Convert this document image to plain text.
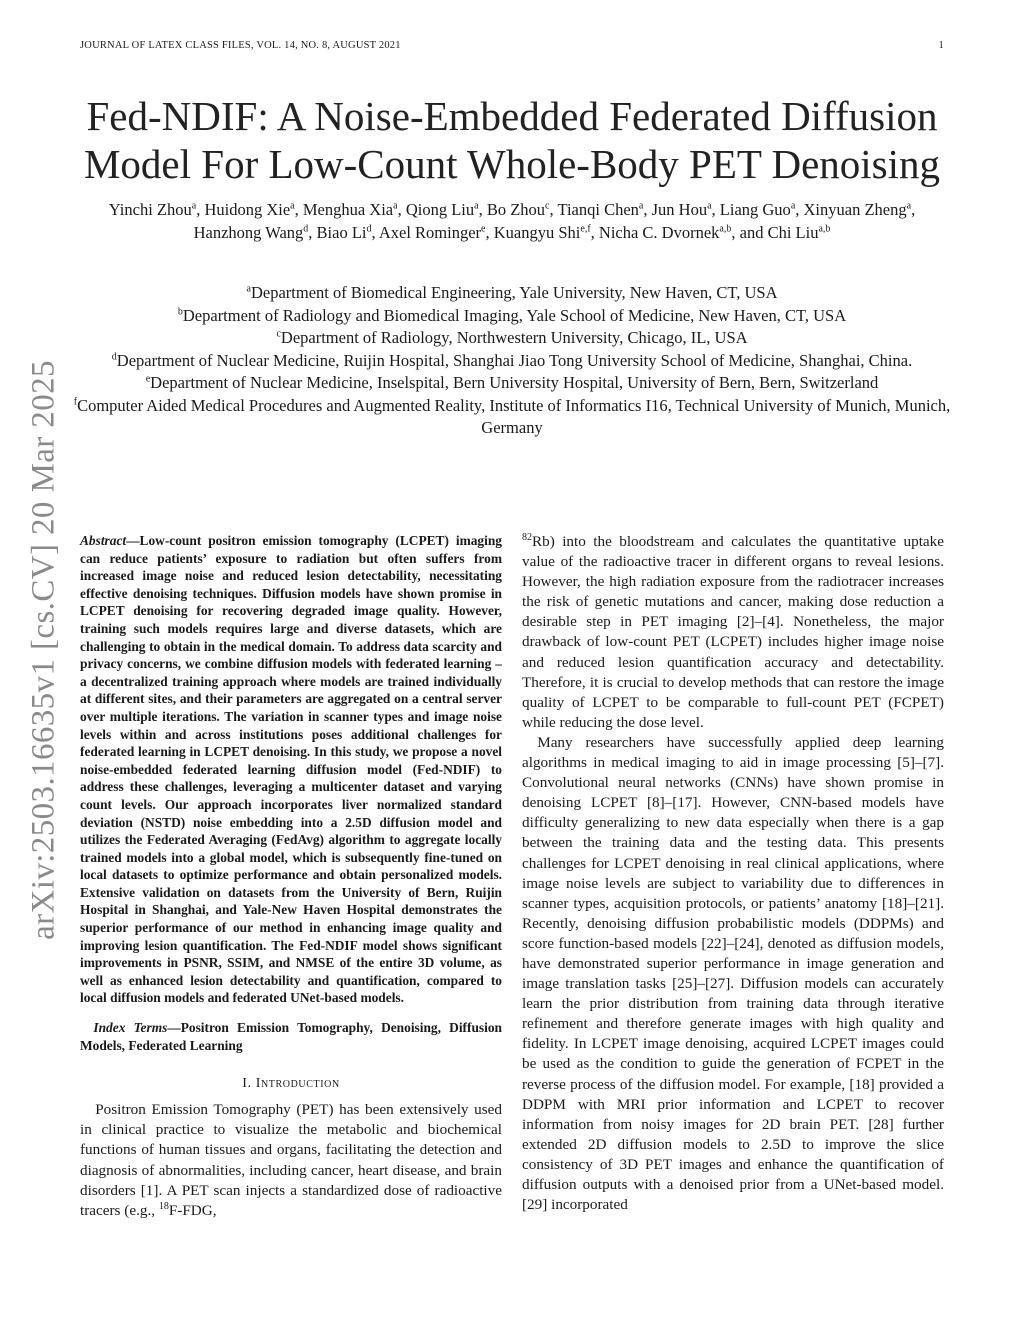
JOURNAL OF LATEX CLASS FILES, VOL. 14, NO. 8, AUGUST 2021	1
Fed-NDIF: A Noise-Embedded Federated Diffusion Model For Low-Count Whole-Body PET Denoising
Yinchi Zhou$^a$, Huidong Xie$^a$, Menghua Xia$^a$, Qiong Liu$^a$, Bo Zhou$^c$, Tianqi Chen$^a$, Jun Hou$^a$, Liang Guo$^a$, Xinyuan Zheng$^a$, Hanzhong Wang$^d$, Biao Li$^d$, Axel Rominger$^e$, Kuangyu Shi$^{e,f}$, Nicha C. Dvornek$^{a,b}$, and Chi Liu$^{a,b}$
$^a$Department of Biomedical Engineering, Yale University, New Haven, CT, USA
$^b$Department of Radiology and Biomedical Imaging, Yale School of Medicine, New Haven, CT, USA
$^c$Department of Radiology, Northwestern University, Chicago, IL, USA
$^d$Department of Nuclear Medicine, Ruijin Hospital, Shanghai Jiao Tong University School of Medicine, Shanghai, China.
$^e$Department of Nuclear Medicine, Inselspital, Bern University Hospital, University of Bern, Bern, Switzerland
$^f$Computer Aided Medical Procedures and Augmented Reality, Institute of Informatics I16, Technical University of Munich, Munich, Germany
arXiv:2503.16635v1 [cs.CV] 20 Mar 2025 Abstract—Low-count positron emission tomography (LCPET) imaging can reduce patients’ exposure to radiation but often suffers from increased image noise and reduced lesion detectability, necessitating effective denoising techniques. Diffusion models have shown promise in LCPET denoising for recovering degraded image quality. However, training such models requires large and diverse datasets, which are challenging to obtain in the medical domain. To address data scarcity and privacy concerns, we combine diffusion models with federated learning – a decentralized training approach where models are trained individually at different sites, and their parameters are aggregated on a central server over multiple iterations. The variation in scanner types and image noise levels within and across institutions poses additional challenges for federated learning in LCPET denoising. In this study, we propose a novel noise-embedded federated learning diffusion model (Fed-NDIF) to address these challenges, leveraging a multicenter dataset and varying count levels. Our approach incorporates liver normalized standard deviation (NSTD) noise embedding into a 2.5D diffusion model and utilizes the Federated Averaging (FedAvg) algorithm to aggregate locally trained models into a global model, which is subsequently fine-tuned on local datasets to optimize performance and obtain personalized models. Extensive validation on datasets from the University of Bern, Ruijin Hospital in Shanghai, and Yale-New Haven Hospital demonstrates the superior performance of our method in enhancing image quality and improving lesion quantification. The Fed-NDIF model shows significant improvements in PSNR, SSIM, and NMSE of the entire 3D volume, as well as enhanced lesion detectability and quantification, compared to local diffusion models and federated UNet-based models.
Index Terms—Positron Emission Tomography, Denoising, Diffusion Models, Federated Learning
I. Introduction

Positron Emission Tomography (PET) has been extensively used in clinical practice to visualize the metabolic and biochemical functions of human tissues and organs, facilitating the detection and diagnosis of abnormalities, including cancer, heart disease, and brain disorders [1]. A PET scan injects a standardized dose of radioactive tracers (e.g., $^{18}$F-FDG,

$^{82}$Rb) into the bloodstream and calculates the quantitative uptake value of the radioactive tracer in different organs to reveal lesions. However, the high radiation exposure from the radiotracer increases the risk of genetic mutations and cancer, making dose reduction a desirable step in PET imaging [2]–[4]. Nonetheless, the major drawback of low-count PET (LCPET) includes higher image noise and reduced lesion quantification accuracy and detectability. Therefore, it is crucial to develop methods that can restore the image quality of LCPET to be comparable to full-count PET (FCPET) while reducing the dose level.

Many researchers have successfully applied deep learning algorithms in medical imaging to aid in image processing [5]–[7]. Convolutional neural networks (CNNs) have shown promise in denoising LCPET [8]–[17]. However, CNN-based models have difficulty generalizing to new data especially when there is a gap between the training data and the testing data. This presents challenges for LCPET denoising in real clinical applications, where image noise levels are subject to variability due to differences in scanner types, acquisition protocols, or patients’ anatomy [18]–[21]. Recently, denoising diffusion probabilistic models (DDPMs) and score function-based models [22]–[24], denoted as diffusion models, have demonstrated superior performance in image generation and image translation tasks [25]–[27]. Diffusion models can accurately learn the prior distribution from training data through iterative refinement and therefore generate images with high quality and fidelity. In LCPET image denoising, acquired LCPET images could be used as the condition to guide the generation of FCPET in the reverse process of the diffusion model. For example, [18] provided a DDPM with MRI prior information and LCPET to recover information from noisy images for 2D brain PET. [28] further extended 2D diffusion models to 2.5D to improve the slice consistency of 3D PET images and enhance the quantification of diffusion outputs with a denoised prior from a UNet-based model. [29] incorporated
